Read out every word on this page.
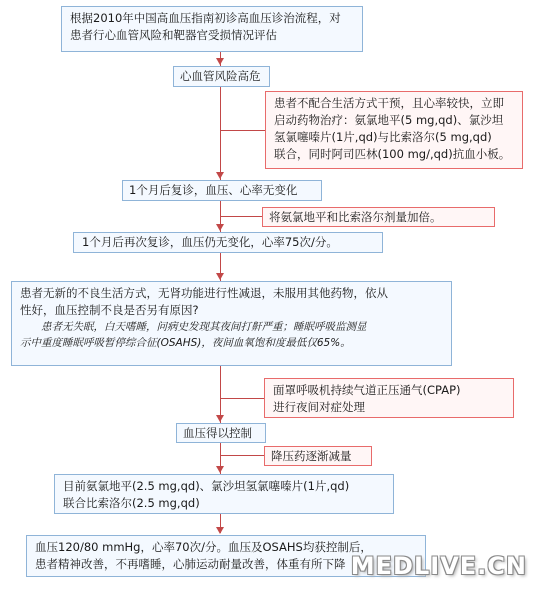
根据2010年中国高血压指南初诊高血压诊治流程，对
患者行心血管风险和靶器官受损情况评估
心血管风险高危
患者不配合生活方式干预，且心率较快，立即
启动药物治疗：氨氯地平(5 mg,qd)、氯沙坦
氢氯噻嗪片(1片,qd)与比索洛尔(5 mg,qd)
联合，同时阿司匹林(100 mg/,qd)抗血小板。
1个月后复诊，血压、心率无变化
将氨氯地平和比索洛尔剂量加倍。
1个月后再次复诊，血压仍无变化，心率75次/分。
患者无新的不良生活方式，无肾功能进行性减退，未服用其他药物，依从
性好，血压控制不良是否另有原因?
患者无失眠，白天嗜睡，问病史发现其夜间打鼾严重；睡眠呼吸监测显
示中重度睡眠呼吸暂停综合征(OSAHS)，夜间血氧饱和度最低仅65%。
面罩呼吸机持续气道正压通气(CPAP)
进行夜间对症处理
血压得以控制
降压药逐渐减量
目前氨氯地平(2.5 mg,qd)、氯沙坦氢氯噻嗪片(1片,qd)
联合比索洛尔(2.5 mg,qd)
血压120/80 mmHg，心率70次/分。血压及OSAHS均获控制后，
患者精神改善，不再嗜睡，心肺运动耐量改善，体重有所下降 MEDLIVE.CN
